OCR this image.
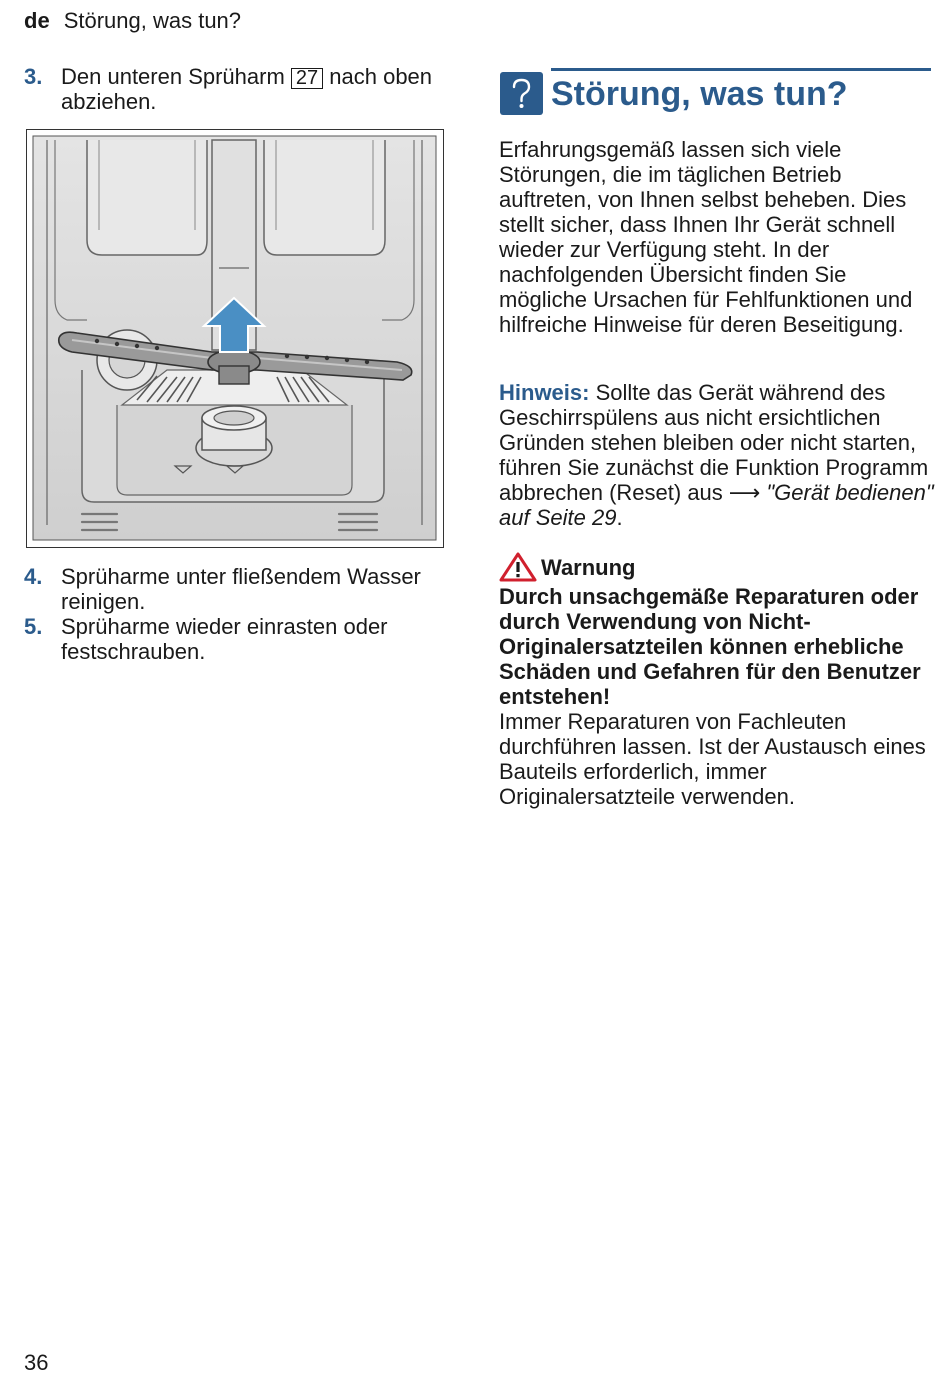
de Störung, was tun?
3. Den unteren Sprüharm 27 nach oben abziehen.
4. Sprüharme unter fließendem Wasser reinigen.
5. Sprüharme wieder einrasten oder festschrauben.
Störung, was tun?
Erfahrungsgemäß lassen sich viele Störungen, die im täglichen Betrieb auftreten, von Ihnen selbst beheben. Dies stellt sicher, dass Ihnen Ihr Gerät schnell wieder zur Verfügung steht. In der nachfolgenden Übersicht finden Sie mögliche Ursachen für Fehlfunktionen und hilfreiche Hinweise für deren Beseitigung.
Hinweis: Sollte das Gerät während des Geschirrspülens aus nicht ersichtlichen Gründen stehen bleiben oder nicht starten, führen Sie zunächst die Funktion Programm abbrechen (Reset) aus ⟶ "Gerät bedienen" auf Seite 29.
Warnung
Durch unsachgemäße Reparaturen oder durch Verwendung von Nicht-Originalersatzteilen können erhebliche Schäden und Gefahren für den Benutzer entstehen!
Immer Reparaturen von Fachleuten durchführen lassen. Ist der Austausch eines Bauteils erforderlich, immer Originalersatzteile verwenden.
36
